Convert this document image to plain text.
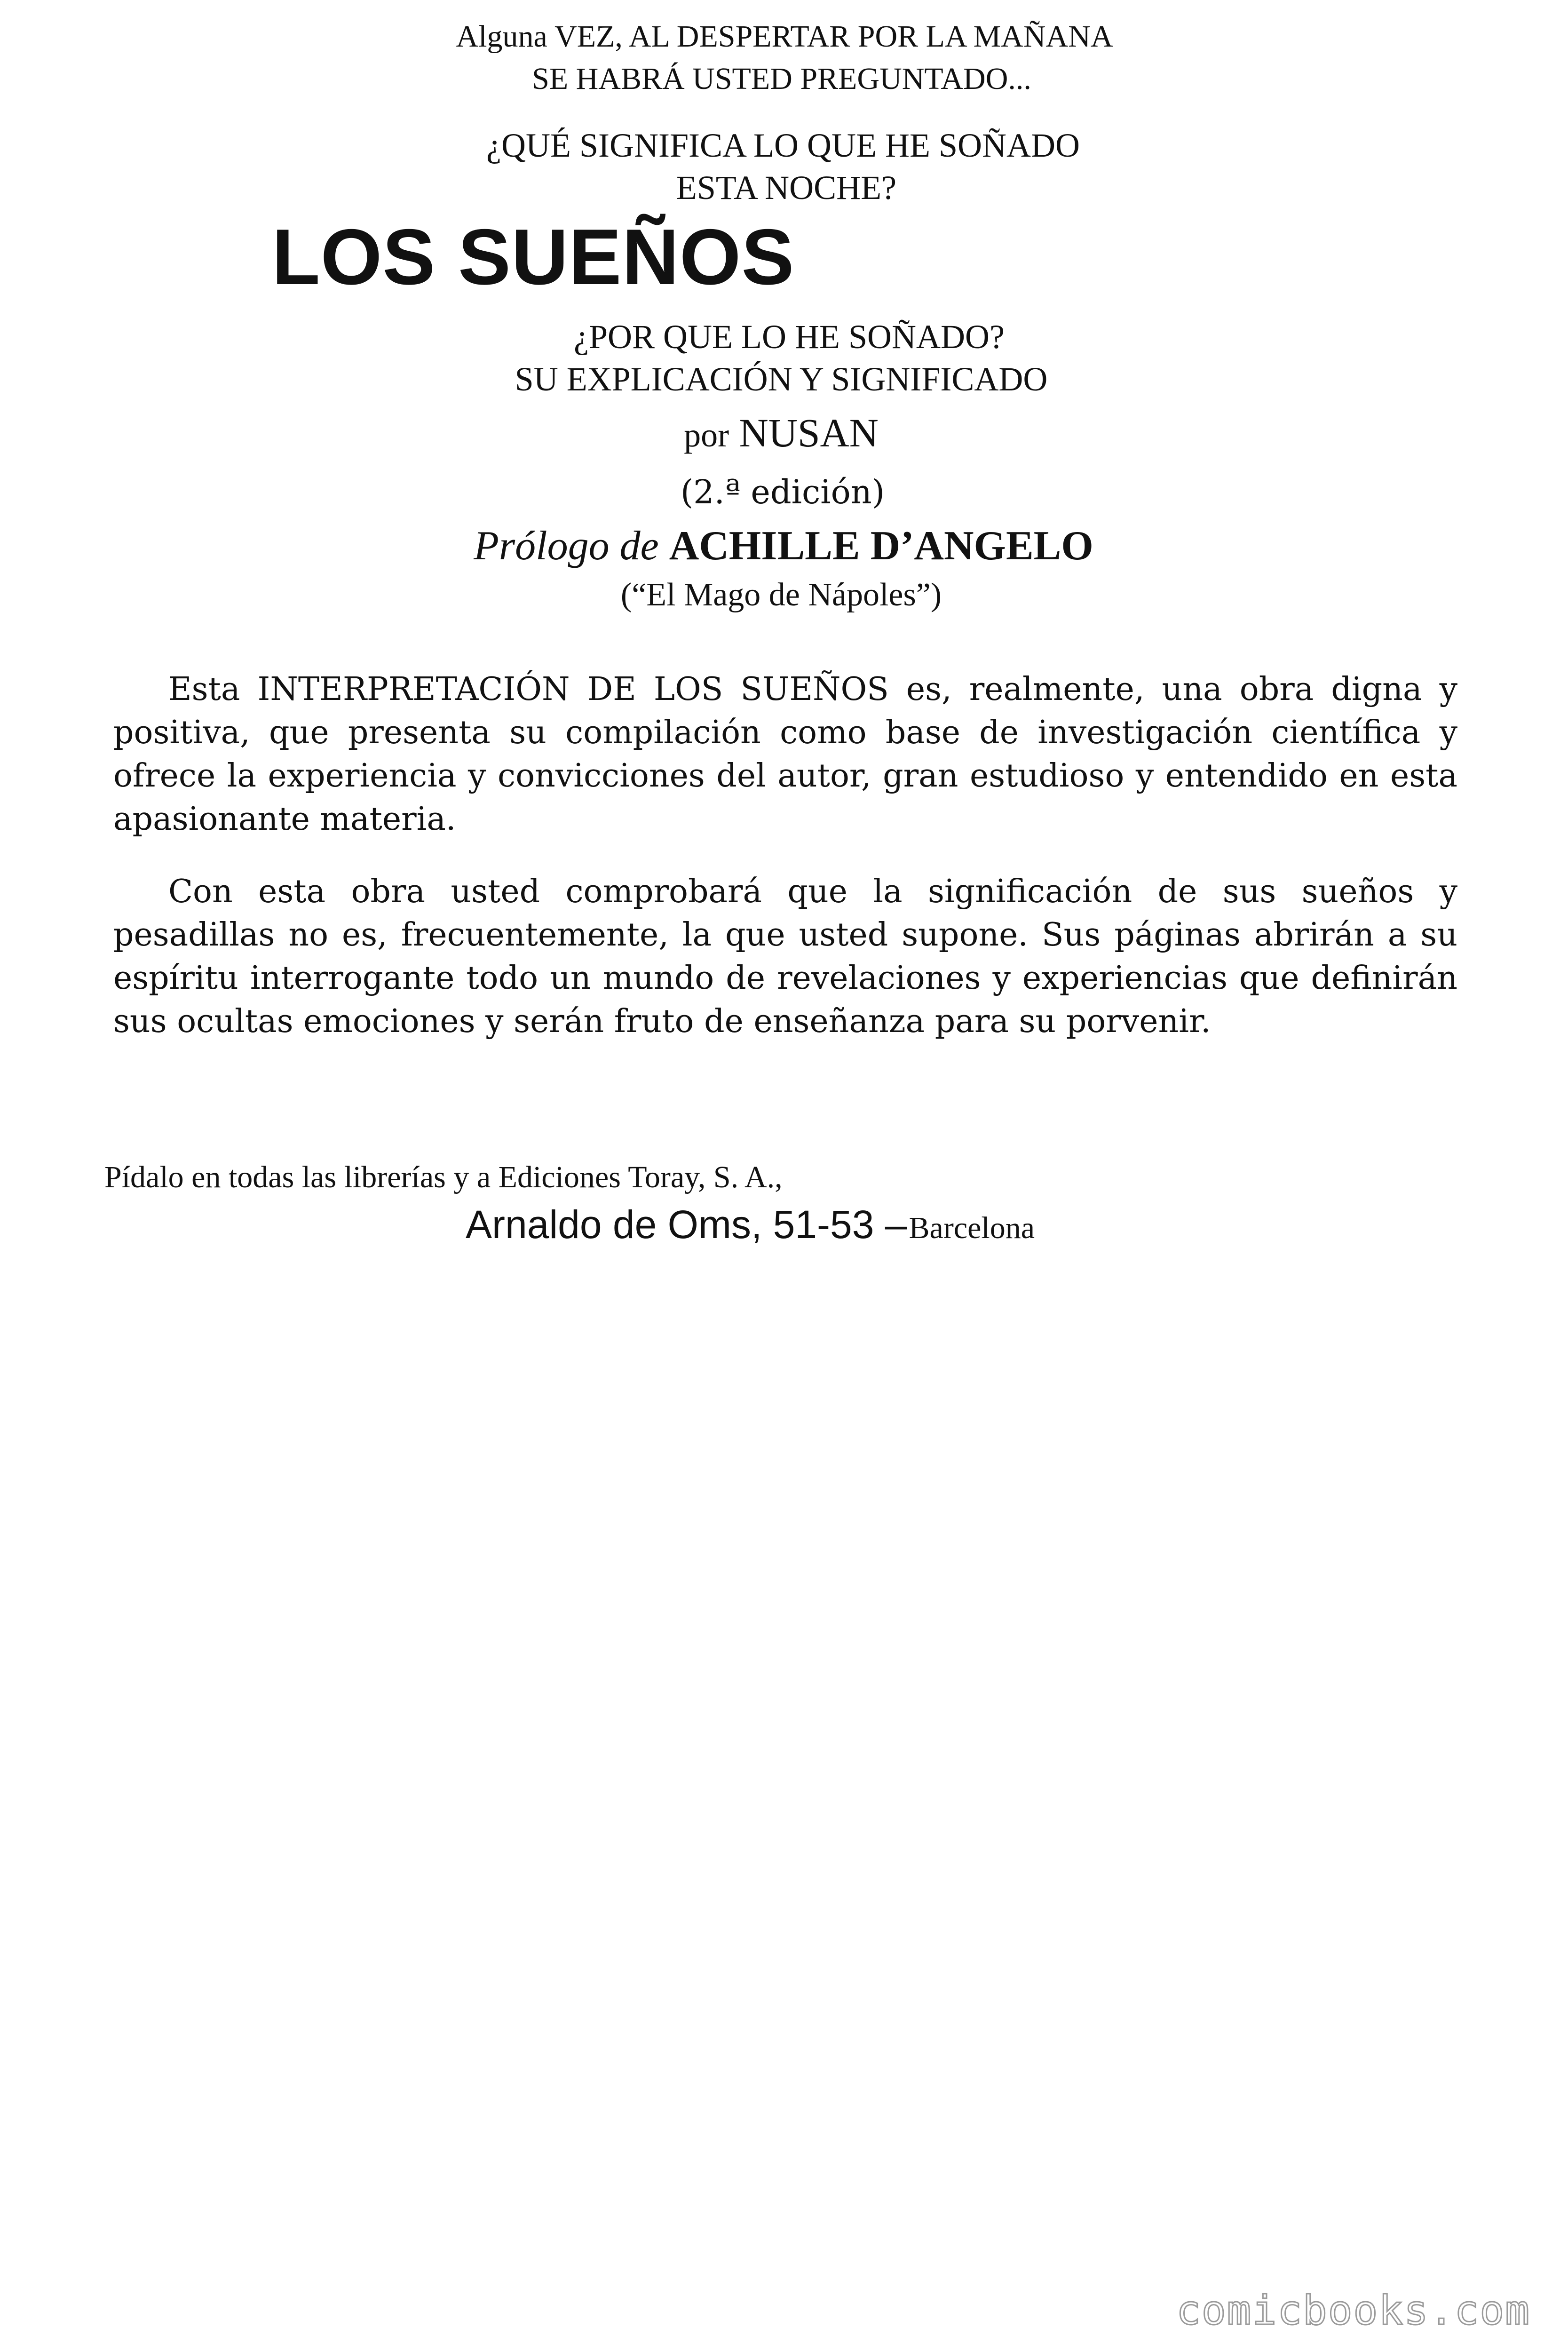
Alguna VEZ, AL DESPERTAR POR LA MAÑANA
SE HABRÁ USTED PREGUNTADO...
¿QUÉ SIGNIFICA LO QUE HE SOÑADO
ESTA NOCHE?
LOS SUEÑOS
¿POR QUE LO HE SOÑADO?
SU EXPLICACIÓN Y SIGNIFICADO
por NUSAN
(2.ª edición)
Prólogo de ACHILLE D’ANGELO
(“El Mago de Nápoles”)

Esta INTERPRETACIÓN DE LOS SUEÑOS es, realmente, una obra digna y positiva, que presenta su compilación como base de investigación científica y ofrece la experiencia y convicciones del autor, gran estudioso y entendido en esta apasionante materia.

Con esta obra usted comprobará que la significación de sus sueños y pesadillas no es, frecuentemente, la que usted supone. Sus páginas abrirán a su espíritu interrogante todo un mundo de revelaciones y experiencias que definirán sus ocultas emociones y serán fruto de enseñanza para su porvenir.

Pídalo en todas las librerías y a Ediciones Toray, S. A.,
Arnaldo de Oms, 51-53 – Barcelona
comicbooks.com
